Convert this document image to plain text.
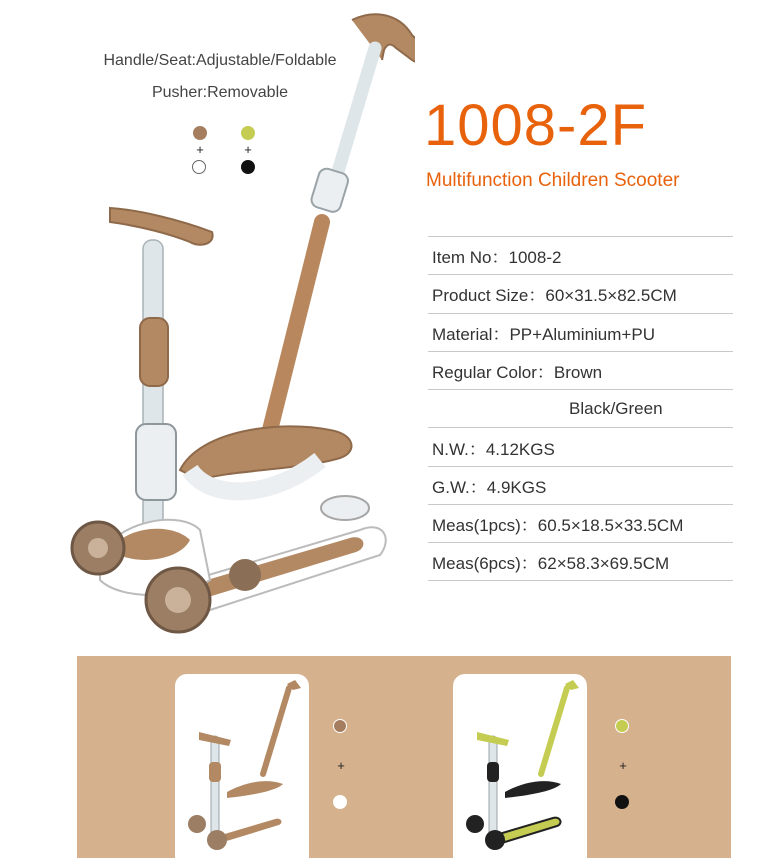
Handle/Seat:Adjustable/Foldable
Pusher:Removable
+	+	1008-2F
Multifunction Children Scooter
Item No：1008-2
Product Size：60×31.5×82.5CM
Material：PP+Aluminium+PU
Regular Color：Brown
Black/Green
N.W.：4.12KGS
G.W.：4.9KGS
Meas(1pcs)：60.5×18.5×33.5CM
Meas(6pcs)：62×58.3×69.5CM
+	+
